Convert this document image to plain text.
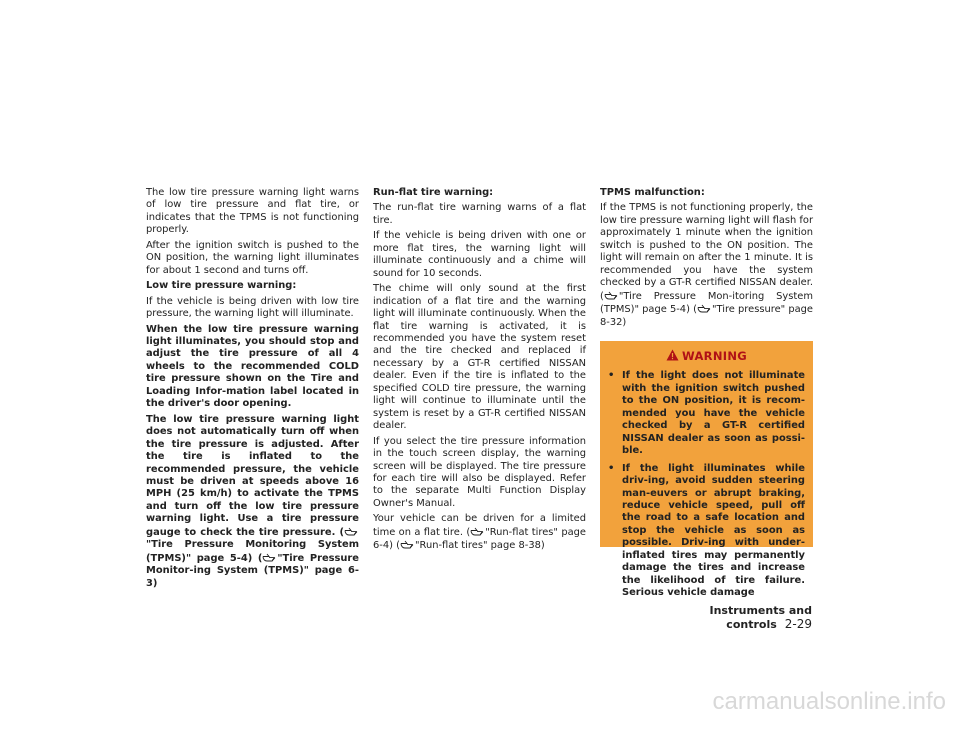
The low tire pressure warning light warns of low tire pressure and flat tire, or indicates that the TPMS is not functioning properly.

After the ignition switch is pushed to the ON position, the warning light illuminates for about 1 second and turns off.

Low tire pressure warning:

If the vehicle is being driven with low tire pressure, the warning light will illuminate.

When the low tire pressure warning light illuminates, you should stop and adjust the tire pressure of all 4 wheels to the recommended COLD tire pressure shown on the Tire and Loading Infor-mation label located in the driver's door opening.

The low tire pressure warning light does not automatically turn off when the tire pressure is adjusted. After the tire is inflated to the recommended pressure, the vehicle must be driven at speeds above 16 MPH (25 km/h) to activate the TPMS and turn off the low tire pressure warning light. Use a tire pressure gauge to check the tire pressure. (
"Tire Pressure Monitoring System (TPMS)" page 5-4) ( "Tire Pressure Monitor-ing System (TPMS)" page 6-3)

Run-flat tire warning:

The run-flat tire warning warns of a flat tire.

If the vehicle is being driven with one or more flat tires, the warning light will illuminate continuously and a chime will sound for 10 seconds.

The chime will only sound at the first indication of a flat tire and the warning light will illuminate continuously. When the flat tire warning is activated, it is recommended you have the system reset and the tire checked and replaced if necessary by a GT-R certified NISSAN dealer. Even if the tire is inflated to the specified COLD tire pressure, the warning light will continue to illuminate until the system is reset by a GT-R certified NISSAN dealer.

If you select the tire pressure information in the touch screen display, the warning screen will be displayed. The tire pressure for each tire will also be displayed. Refer to the separate Multi Function Display Owner's Manual.

Your vehicle can be driven for a limited time on a flat tire. ( "Run-flat tires" page 6-4) ( "Run-flat tires" page 8-38)

TPMS malfunction:

If the TPMS is not functioning properly, the low tire pressure warning light will flash for approximately 1 minute when the ignition switch is pushed to the ON position. The light will remain on after the 1 minute. It is recommended you have the system checked by a GT-R certified NISSAN dealer. ( "Tire Pressure Mon-itoring System (TPMS)" page 5-4) ( "Tire pressure" page 8-32)

WARNING
• If the light does not illuminate with the ignition switch pushed to the ON position, it is recom-mended you have the vehicle checked by a GT-R certified NISSAN dealer as soon as possi-ble.
• If the light illuminates while driv-ing, avoid sudden steering man-euvers or abrupt braking, reduce vehicle speed, pull off the road to a safe location and stop the vehicle as soon as possible. Driv-ing with under-inflated tires may permanently damage the tires and increase the likelihood of tire failure. Serious vehicle damage
Instruments and controls 2-29
carmanualsonline.info
